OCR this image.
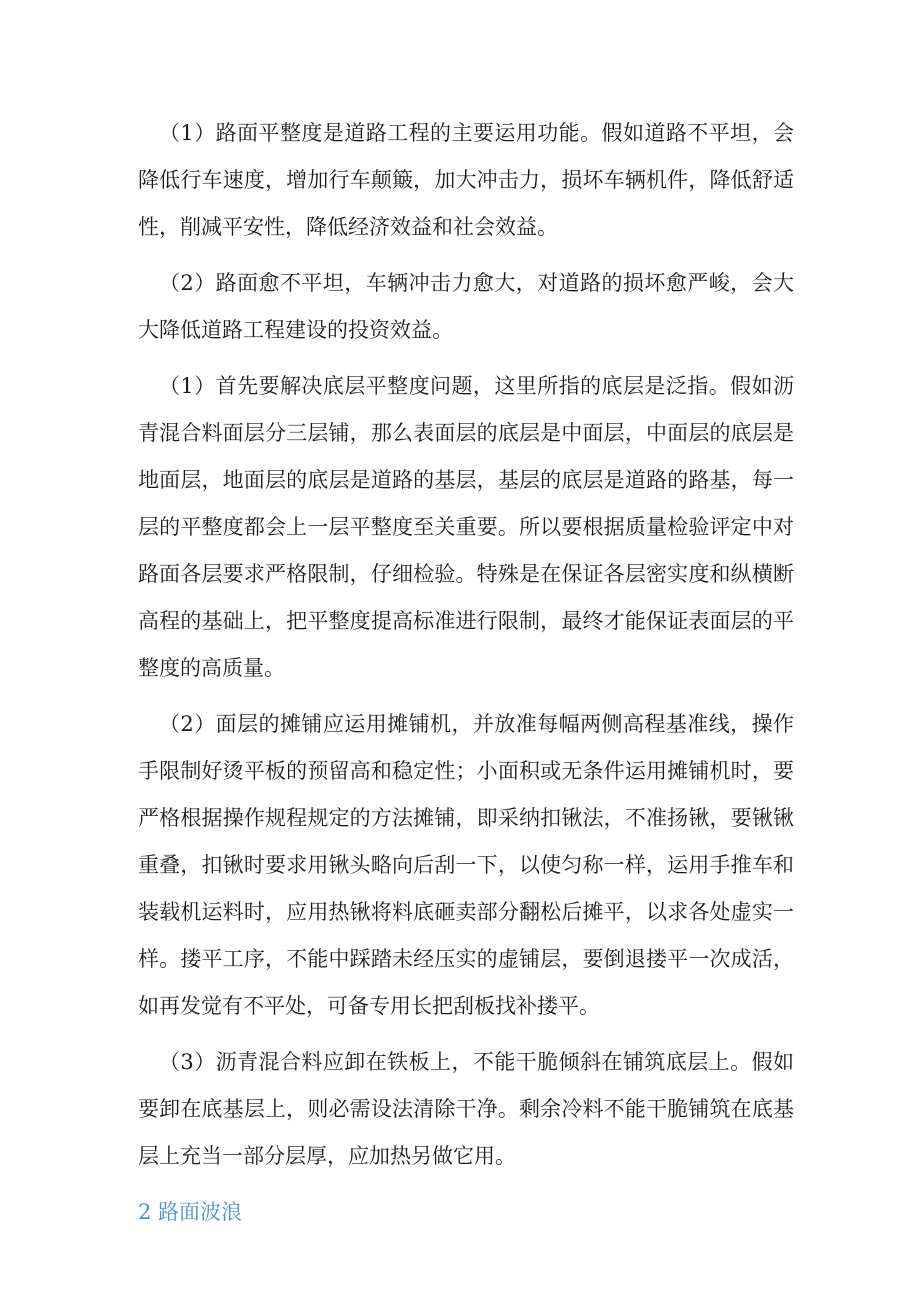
（1）路面平整度是道路工程的主要运用功能。假如道路不平坦，会降低行车速度，增加行车颠簸，加大冲击力，损坏车辆机件，降低舒适性，削减平安性，降低经济效益和社会效益。

（2）路面愈不平坦，车辆冲击力愈大，对道路的损坏愈严峻，会大大降低道路工程建设的投资效益。

（1）首先要解决底层平整度问题，这里所指的底层是泛指。假如沥青混合料面层分三层铺，那么表面层的底层是中面层，中面层的底层是地面层，地面层的底层是道路的基层，基层的底层是道路的路基，每一层的平整度都会上一层平整度至关重要。所以要根据质量检验评定中对路面各层要求严格限制，仔细检验。特殊是在保证各层密实度和纵横断高程的基础上，把平整度提高标准进行限制，最终才能保证表面层的平整度的高质量。

（2）面层的摊铺应运用摊铺机，并放准每幅两侧高程基准线，操作手限制好烫平板的预留高和稳定性；小面积或无条件运用摊铺机时，要严格根据操作规程规定的方法摊铺，即采纳扣锹法，不准扬锹，要锹锹重叠，扣锹时要求用锹头略向后刮一下，以使匀称一样，运用手推车和装载机运料时，应用热锹将料底砸卖部分翻松后摊平，以求各处虚实一样。搂平工序，不能中踩踏未经压实的虚铺层，要倒退搂平一次成活，如再发觉有不平处，可备专用长把刮板找补搂平。

（3）沥青混合料应卸在铁板上，不能干脆倾斜在铺筑底层上。假如要卸在底基层上，则必需设法清除干净。剩余冷料不能干脆铺筑在底基层上充当一部分层厚，应加热另做它用。

2 路面波浪
